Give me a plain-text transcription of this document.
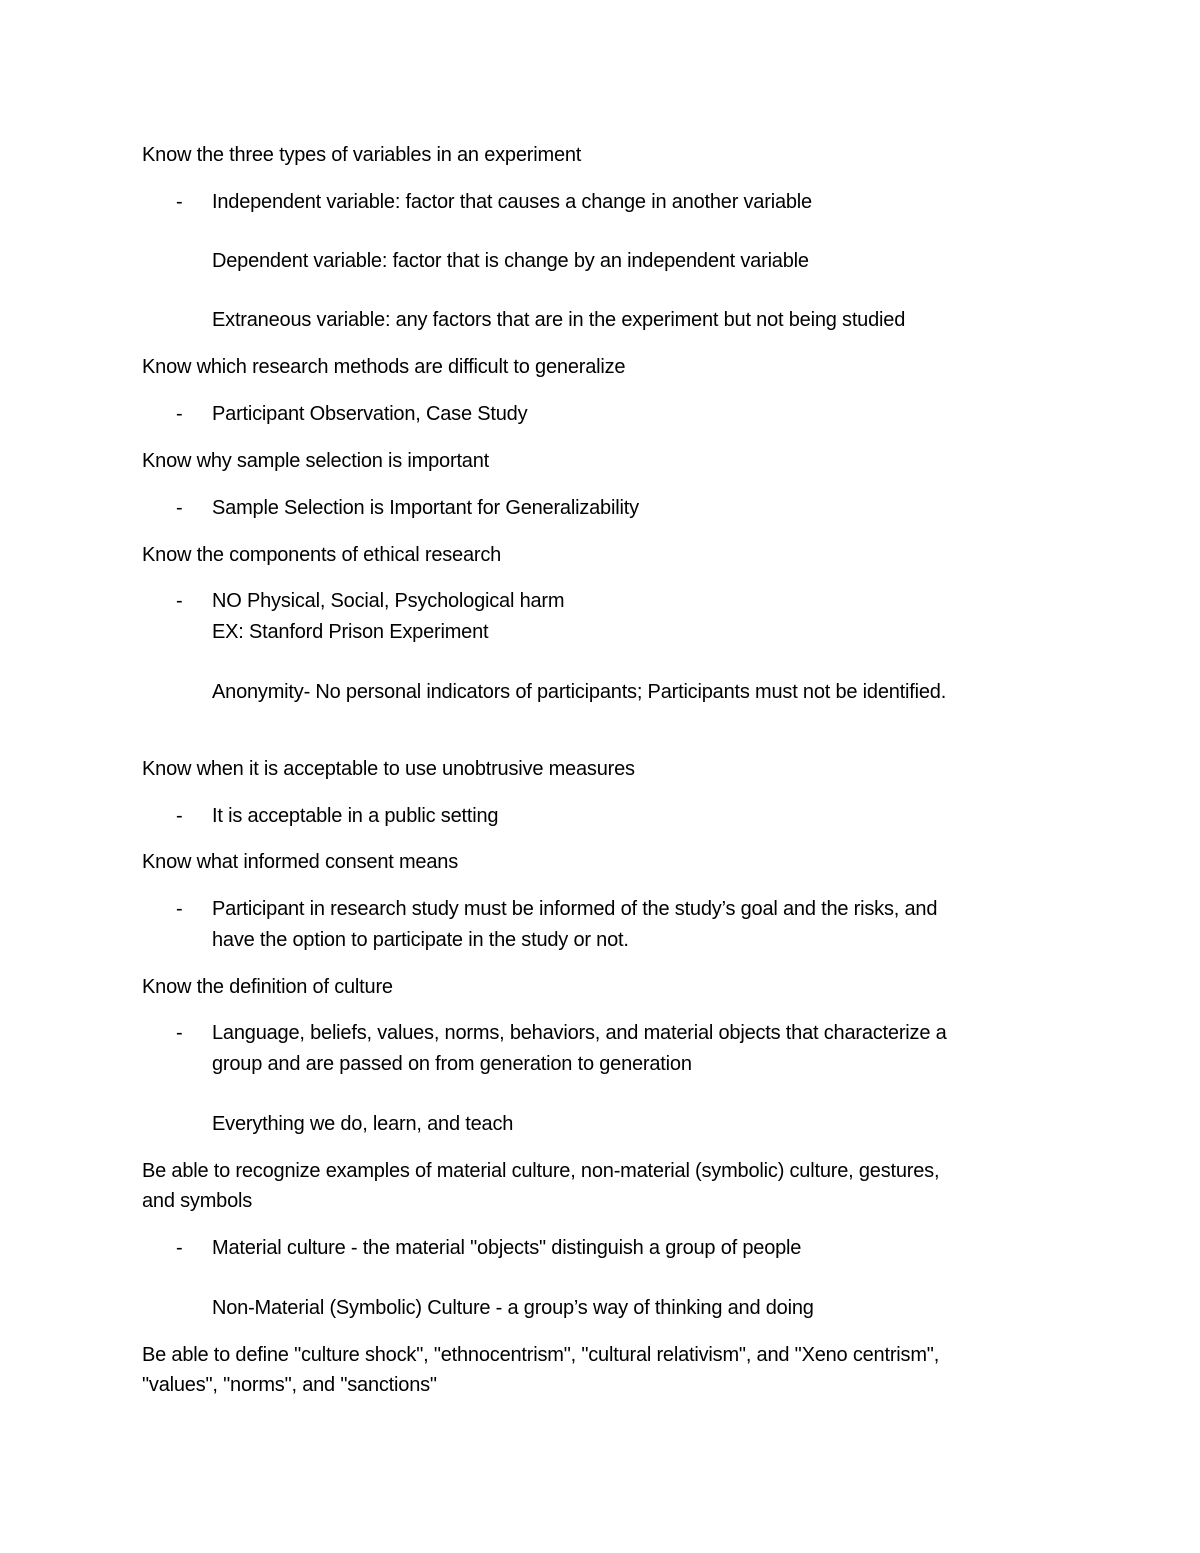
Know the three types of variables in an experiment
- Independent variable: factor that causes a change in another variable
Dependent variable: factor that is change by an independent variable
Extraneous variable: any factors that are in the experiment but not being studied
Know which research methods are difficult to generalize
- Participant Observation, Case Study
Know why sample selection is important
- Sample Selection is Important for Generalizability
Know the components of ethical research
- NO Physical, Social, Psychological harm
EX: Stanford Prison Experiment
Anonymity- No personal indicators of participants; Participants must not be identified.
Know when it is acceptable to use unobtrusive measures
- It is acceptable in a public setting
Know what informed consent means
- Participant in research study must be informed of the study’s goal and the risks, and
have the option to participate in the study or not.
Know the definition of culture
- Language, beliefs, values, norms, behaviors, and material objects that characterize a
group and are passed on from generation to generation
Everything we do, learn, and teach
Be able to recognize examples of material culture, non-material (symbolic) culture, gestures,
and symbols
- Material culture - the material "objects" distinguish a group of people
Non-Material (Symbolic) Culture - a group’s way of thinking and doing
Be able to define "culture shock", "ethnocentrism", "cultural relativism", and "Xeno centrism",
"values", "norms", and "sanctions"
